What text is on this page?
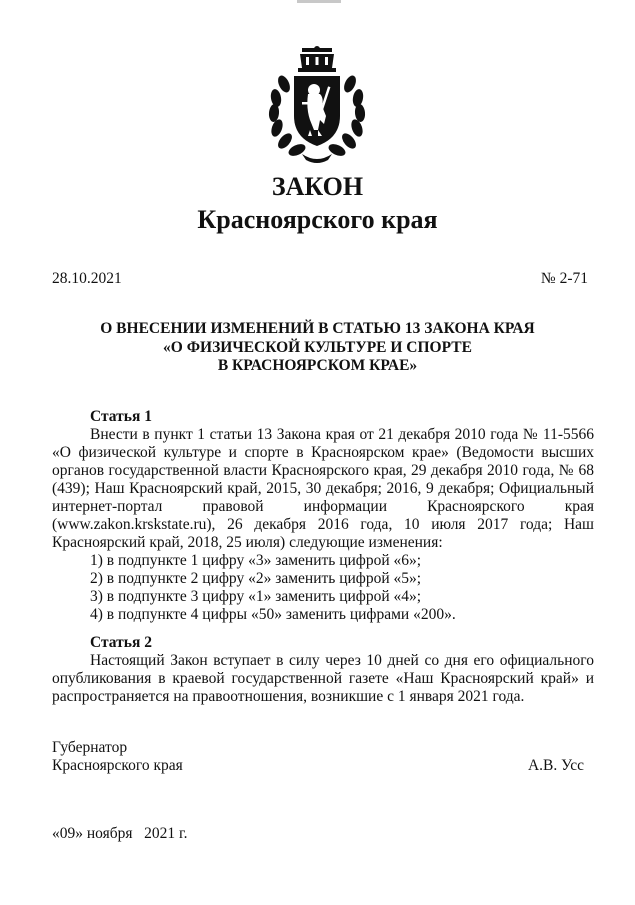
ЗАКОН
Красноярского края
28.10.2021	№ 2-71
О ВНЕСЕНИИ ИЗМЕНЕНИЙ В СТАТЬЮ 13 ЗАКОНА КРАЯ
«О ФИЗИЧЕСКОЙ КУЛЬТУРЕ И СПОРТЕ
В КРАСНОЯРСКОМ КРАЕ»
Статья 1

Внести в пункт 1 статьи 13 Закона края от 21 декабря 2010 года № 11-5566 «О физической культуре и спорте в Красноярском крае» (Ведомости высших органов государственной власти Красноярского края, 29 декабря 2010 года, № 68 (439); Наш Красноярский край, 2015, 30 декабря; 2016, 9 декабря; Официальный интернет-портал правовой информации Красноярского края (www.zakon.krskstate.ru), 26 декабря 2016 года, 10 июля 2017 года; Наш Красноярский край, 2018, 25 июля) следующие изменения:

1) в подпункте 1 цифру «3» заменить цифрой «6»;
2) в подпункте 2 цифру «2» заменить цифрой «5»;
3) в подпункте 3 цифру «1» заменить цифрой «4»;
4) в подпункте 4 цифры «50» заменить цифрами «200».
Статья 2

Настоящий Закон вступает в силу через 10 дней со дня его официального опубликования в краевой государственной газете «Наш Красноярский край» и распространяется на правоотношения, возникшие с 1 января 2021 года.

Губернатор
Красноярского края	А.В. Усс
«09» ноября   2021 г.
